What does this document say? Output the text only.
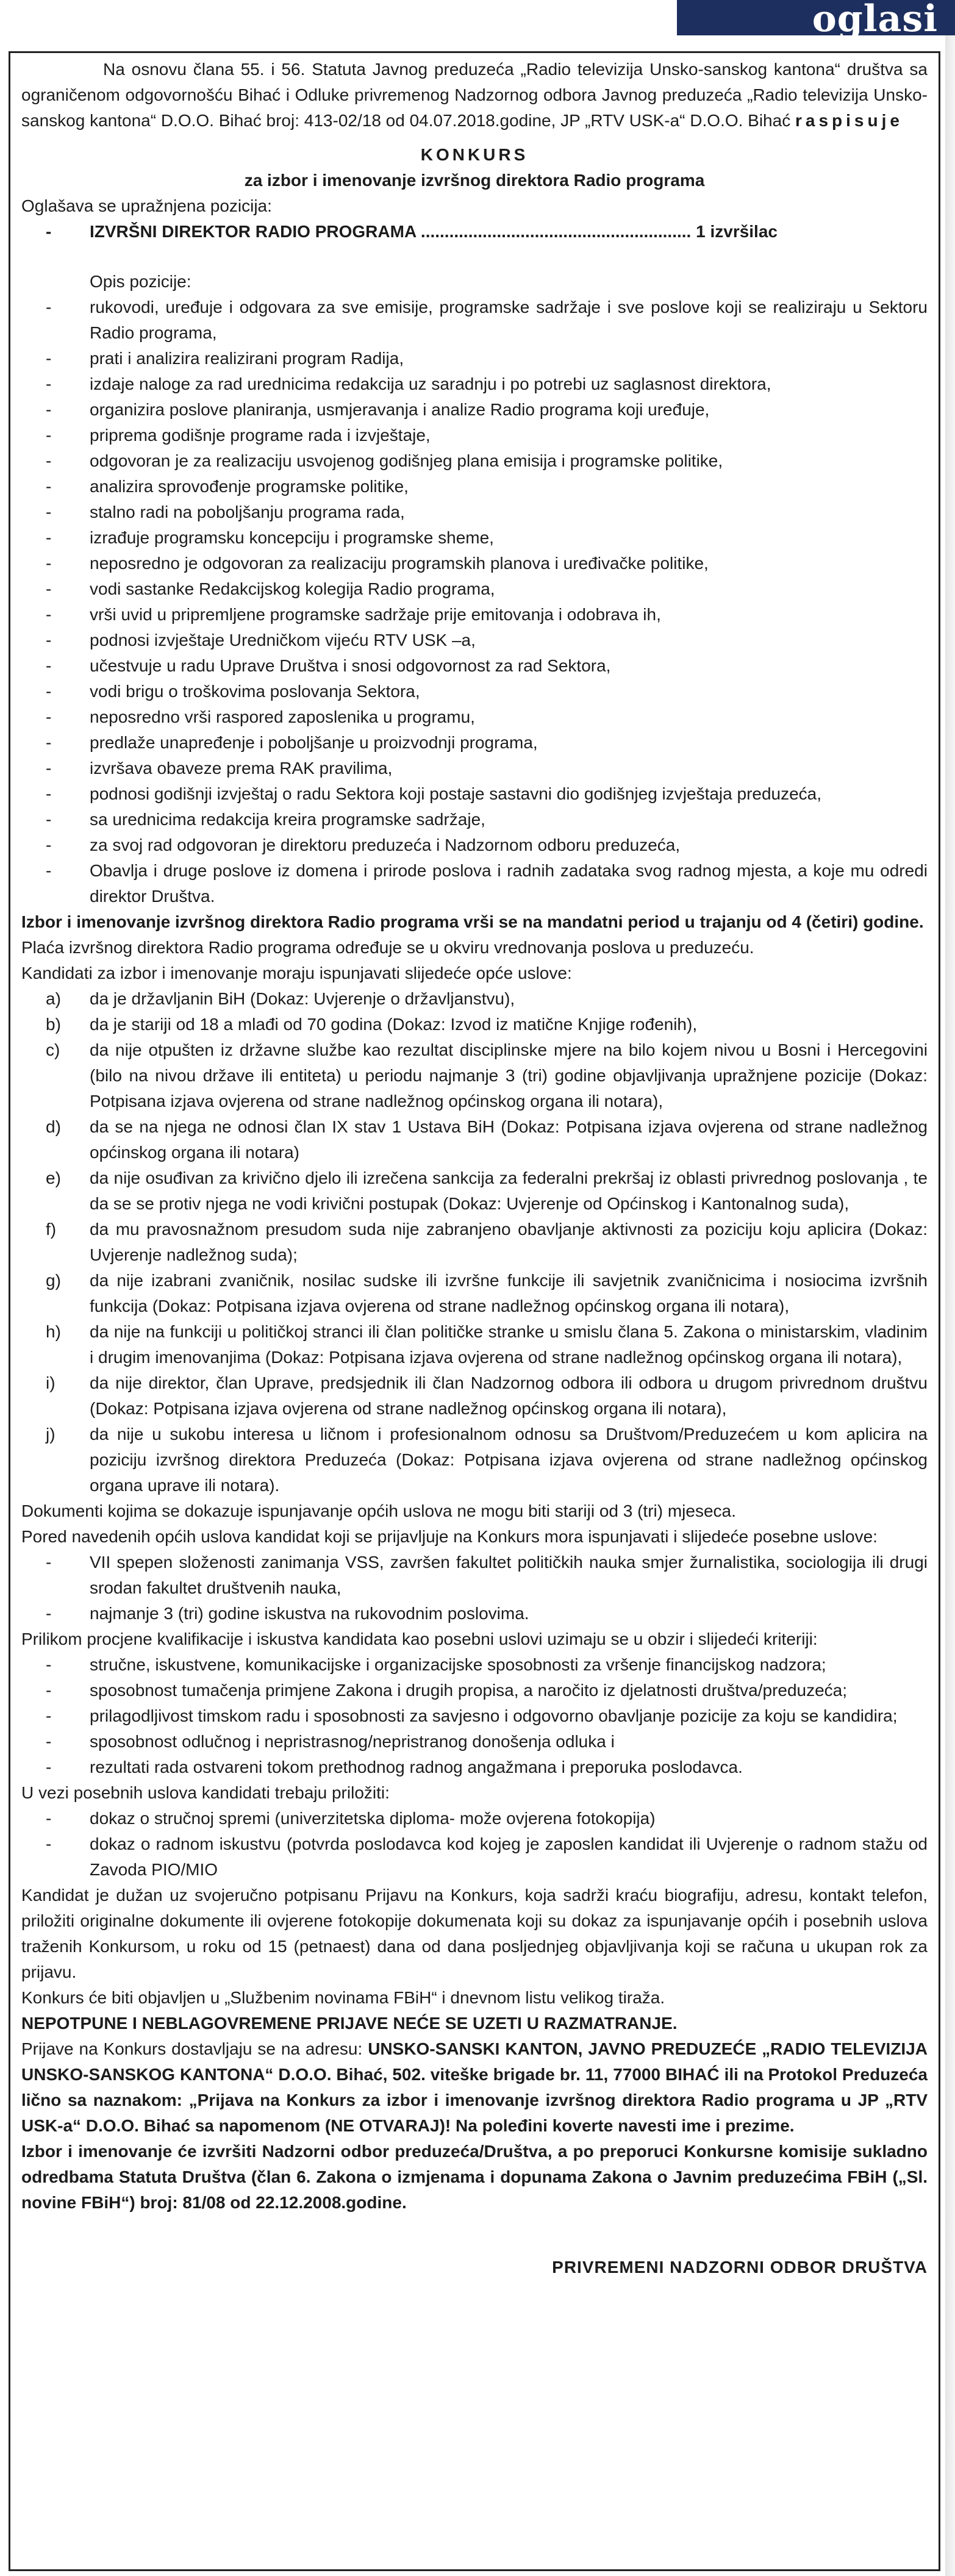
oglasi

Na osnovu člana 55. i 56. Statuta Javnog preduzeća „Radio televizija Unsko-sanskog kantona“ društva sa ograničenom odgovornošću Bihać i Odluke privremenog Nadzornog odbora Javnog preduzeća „Radio televizija Unsko-sanskog kantona“ D.O.O. Bihać broj: 413-02/18 od 04.07.2018.godine, JP „RTV USK-a“ D.O.O. Bihać raspisuje

KONKURS

za izbor i imenovanje izvršnog direktora Radio programa

Oglašava se upražnjena pozicija:

- IZVRŠNI DIREKTOR RADIO PROGRAMA ......................................................... 1 izvršilac

Opis pozicije:

- rukovodi, uređuje i odgovara za sve emisije, programske sadržaje i sve poslove koji se realiziraju u Sektoru Radio programa,
- prati i analizira realizirani program Radija,
- izdaje naloge za rad urednicima redakcija uz saradnju i po potrebi uz saglasnost direktora,
- organizira poslove planiranja, usmjeravanja i analize Radio programa koji uređuje,
- priprema godišnje programe rada i izvještaje,
- odgovoran je za realizaciju usvojenog godišnjeg plana emisija i programske politike,
- analizira sprovođenje programske politike,
- stalno radi na poboljšanju programa rada,
- izrađuje programsku koncepciju i programske sheme,
- neposredno je odgovoran za realizaciju programskih planova i uređivačke politike,
- vodi sastanke Redakcijskog kolegija Radio programa,
- vrši uvid u pripremljene programske sadržaje prije emitovanja i odobrava ih,
- podnosi izvještaje Uredničkom vijeću RTV USK –a,
- učestvuje u radu Uprave Društva i snosi odgovornost za rad Sektora,
- vodi brigu o troškovima poslovanja Sektora,
- neposredno vrši raspored zaposlenika u programu,
- predlaže unapređenje i poboljšanje u proizvodnji programa,
- izvršava obaveze prema RAK pravilima,
- podnosi godišnji izvještaj o radu Sektora koji postaje sastavni dio godišnjeg izvještaja preduzeća,
- sa urednicima redakcija kreira programske sadržaje,
- za svoj rad odgovoran je direktoru preduzeća i Nadzornom odboru preduzeća,
- Obavlja i druge poslove iz domena i prirode poslova i radnih zadataka svog radnog mjesta, a koje mu odredi direktor Društva.

Izbor i imenovanje izvršnog direktora Radio programa vrši se na mandatni period u trajanju od 4 (četiri) godine.

Plaća izvršnog direktora Radio programa određuje se u okviru vrednovanja poslova u preduzeću.

Kandidati za izbor i imenovanje moraju ispunjavati slijedeće opće uslove:

a) da je državljanin BiH (Dokaz: Uvjerenje o državljanstvu),
b) da je stariji od 18 a mlađi od 70 godina (Dokaz: Izvod iz matične Knjige rođenih),
c) da nije otpušten iz državne službe kao rezultat disciplinske mjere na bilo kojem nivou u Bosni i Hercegovini (bilo na nivou države ili entiteta) u periodu najmanje 3 (tri) godine objavljivanja upražnjene pozicije (Dokaz: Potpisana izjava ovjerena od strane nadležnog općinskog organa ili notara),
d) da se na njega ne odnosi član IX stav 1 Ustava BiH (Dokaz: Potpisana izjava ovjerena od strane nadležnog općinskog organa ili notara)
e) da nije osuđivan za krivično djelo ili izrečena sankcija za federalni prekršaj iz oblasti privrednog poslovanja , te da se se protiv njega ne vodi krivični postupak (Dokaz: Uvjerenje od Općinskog i Kantonalnog suda),
f) da mu pravosnažnom presudom suda nije zabranjeno obavljanje aktivnosti za poziciju koju aplicira (Dokaz: Uvjerenje nadležnog suda);
g) da nije izabrani zvaničnik, nosilac sudske ili izvršne funkcije ili savjetnik zvaničnicima i nosiocima izvršnih funkcija (Dokaz: Potpisana izjava ovjerena od strane nadležnog općinskog organa ili notara),
h) da nije na funkciji u političkoj stranci ili član političke stranke u smislu člana 5. Zakona o ministarskim, vladinim i drugim imenovanjima (Dokaz: Potpisana izjava ovjerena od strane nadležnog općinskog organa ili notara),
i) da nije direktor, član Uprave, predsjednik ili član Nadzornog odbora ili odbora u drugom privrednom društvu (Dokaz: Potpisana izjava ovjerena od strane nadležnog općinskog organa ili notara),
j) da nije u sukobu interesa u ličnom i profesionalnom odnosu sa Društvom/Preduzećem u kom aplicira na poziciju izvršnog direktora Preduzeća (Dokaz: Potpisana izjava ovjerena od strane nadležnog općinskog organa uprave ili notara).

Dokumenti kojima se dokazuje ispunjavanje općih uslova ne mogu biti stariji od 3 (tri) mjeseca.

Pored navedenih općih uslova kandidat koji se prijavljuje na Konkurs mora ispunjavati i slijedeće posebne uslove:

- VII spepen složenosti zanimanja VSS, završen fakultet političkih nauka smjer žurnalistika, sociologija ili drugi srodan fakultet društvenih nauka,
- najmanje 3 (tri) godine iskustva na rukovodnim poslovima.

Prilikom procjene kvalifikacije i iskustva kandidata kao posebni uslovi uzimaju se u obzir i slijedeći kriteriji:

- stručne, iskustvene, komunikacijske i organizacijske sposobnosti za vršenje financijskog nadzora;
- sposobnost tumačenja primjene Zakona i drugih propisa, a naročito iz djelatnosti društva/preduzeća;
- prilagodljivost timskom radu i sposobnosti za savjesno i odgovorno obavljanje pozicije za koju se kandidira;
- sposobnost odlučnog i nepristrasnog/nepristranog donošenja odluka i
- rezultati rada ostvareni tokom prethodnog radnog angažmana i preporuka poslodavca.

U vezi posebnih uslova kandidati trebaju priložiti:

- dokaz o stručnoj spremi (univerzitetska diploma- može ovjerena fotokopija)
- dokaz o radnom iskustvu (potvrda poslodavca kod kojeg je zaposlen kandidat ili Uvjerenje o radnom stažu od Zavoda PIO/MIO

Kandidat je dužan uz svojeručno potpisanu Prijavu na Konkurs, koja sadrži kraću biografiju, adresu, kontakt telefon, priložiti originalne dokumente ili ovjerene fotokopije dokumenata koji su dokaz za ispunjavanje općih i posebnih uslova traženih Konkursom, u roku od 15 (petnaest) dana od dana posljednjeg objavljivanja koji se računa u ukupan rok za prijavu.

Konkurs će biti objavljen u „Službenim novinama FBiH“ i dnevnom listu velikog tiraža.

NEPOTPUNE I NEBLAGOVREMENE PRIJAVE NEĆE SE UZETI U RAZMATRANJE.

Prijave na Konkurs dostavljaju se na adresu: UNSKO-SANSKI KANTON, JAVNO PREDUZEĆE „RADIO TELEVIZIJA UNSKO-SANSKOG KANTONA“ D.O.O. Bihać, 502. viteške brigade br. 11, 77000 BIHAĆ ili na Protokol Preduzeća lično sa naznakom: „Prijava na Konkurs za izbor i imenovanje izvršnog direktora Radio programa u JP „RTV USK-a“ D.O.O. Bihać sa napomenom (NE OTVARAJ)! Na poleđini koverte navesti ime i prezime.

Izbor i imenovanje će izvršiti Nadzorni odbor preduzeća/Društva, a po preporuci Konkursne komisije sukladno odredbama Statuta Društva (član 6. Zakona o izmjenama i dopunama Zakona o Javnim preduzećima FBiH („Sl. novine FBiH“) broj: 81/08 od 22.12.2008.godine.

PRIVREMENI NADZORNI ODBOR DRUŠTVA
